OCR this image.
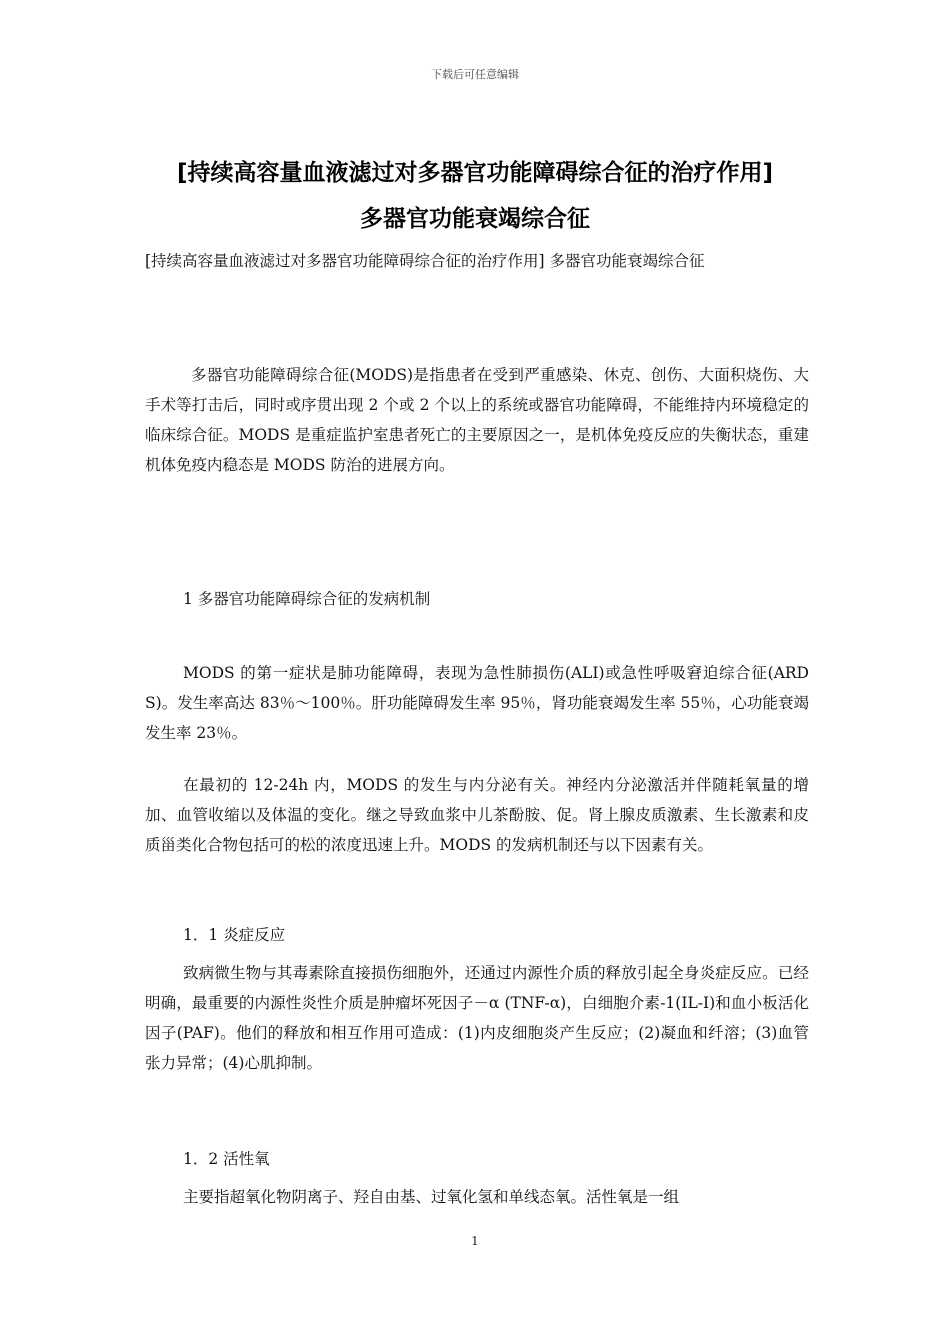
下载后可任意编辑
[持续高容量血液滤过对多器官功能障碍综合征的治疗作用]
多器官功能衰竭综合征

[持续高容量血液滤过对多器官功能障碍综合征的治疗作用] 多器官功能衰竭综合征

多器官功能障碍综合征(MODS)是指患者在受到严重感染、休克、创伤、大面积烧伤、大手术等打击后，同时或序贯出现 2 个或 2 个以上的系统或器官功能障碍，不能维持内环境稳定的临床综合征。MODS 是重症监护室患者死亡的主要原因之一，是机体免疫反应的失衡状态，重建机体免疫内稳态是 MODS 防治的进展方向。

1 多器官功能障碍综合征的发病机制

MODS 的第一症状是肺功能障碍，表现为急性肺损伤(ALI)或急性呼吸窘迫综合征(ARDS)。发生率高达 83％～100％。肝功能障碍发生率 95％，肾功能衰竭发生率 55％，心功能衰竭发生率 23％。

在最初的 12-24h 内，MODS 的发生与内分泌有关。神经内分泌激活并伴随耗氧量的增加、血管收缩以及体温的变化。继之导致血浆中儿茶酚胺、促。肾上腺皮质激素、生长激素和皮质甾类化合物包括可的松的浓度迅速上升。MODS 的发病机制还与以下因素有关。

1．1 炎症反应

致病微生物与其毒素除直接损伤细胞外，还通过内源性介质的释放引起全身炎症反应。已经明确，最重要的内源性炎性介质是肿瘤坏死因子－α (TNF-α)，白细胞介素-1(IL-I)和血小板活化因子(PAF)。他们的释放和相互作用可造成：(1)内皮细胞炎产生反应；(2)凝血和纤溶；(3)血管张力异常；(4)心肌抑制。

1．2 活性氧

主要指超氧化物阴离子、羟自由基、过氧化氢和单线态氧。活性氧是一组

1
